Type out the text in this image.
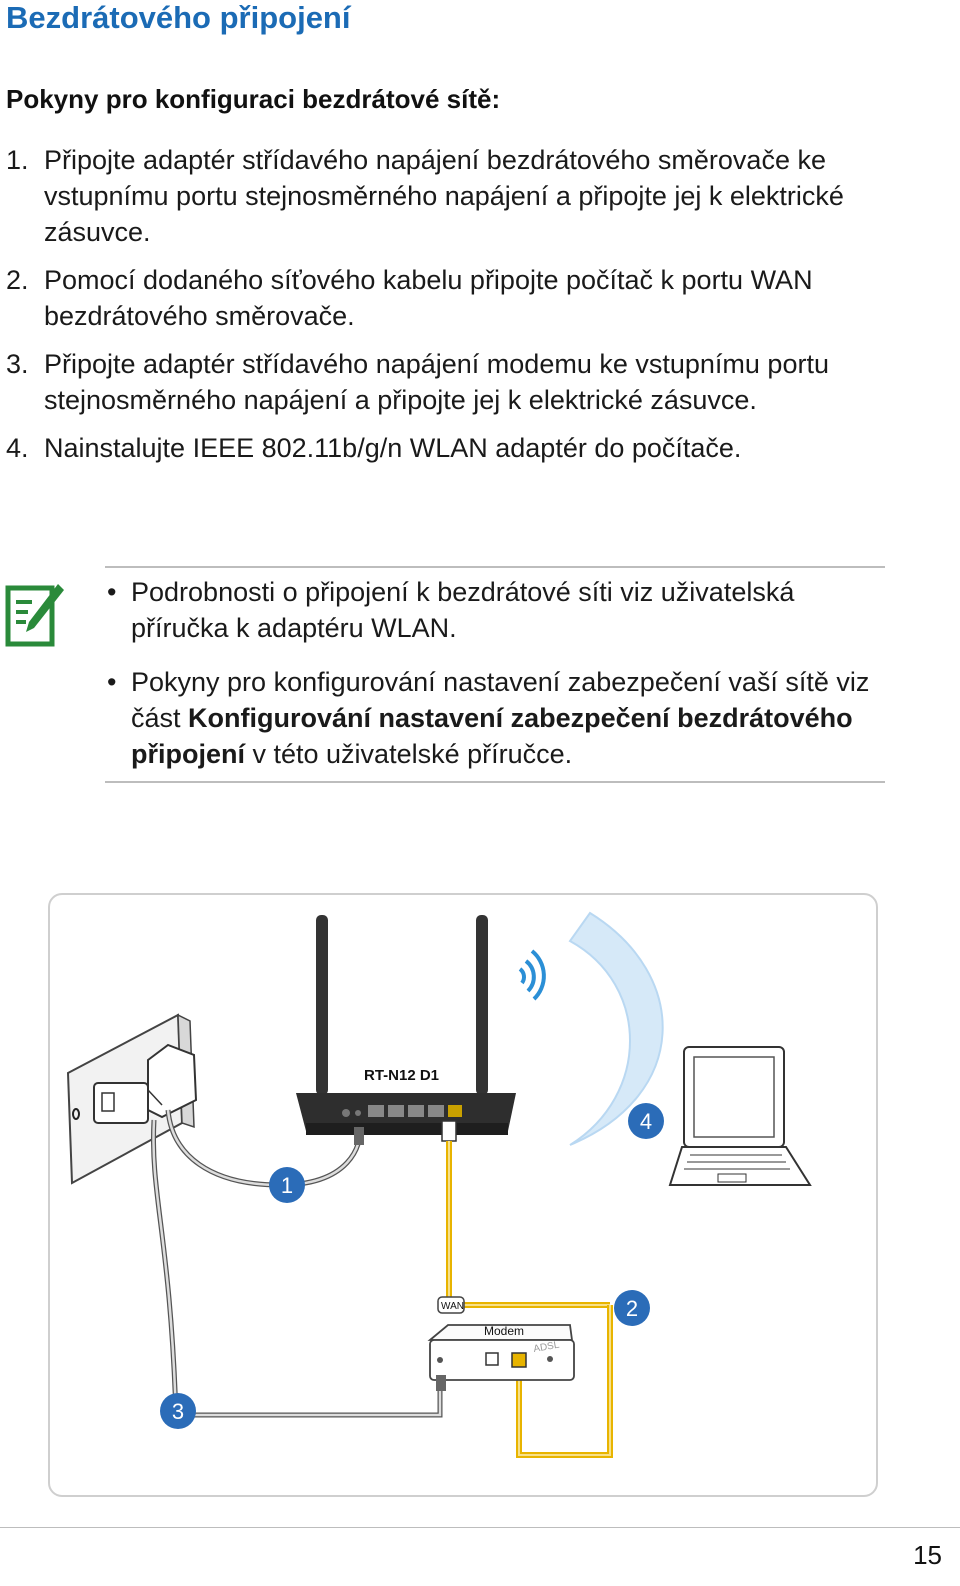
Bezdrátového připojení
Pokyny pro konfiguraci bezdrátové sítě:
1. Připojte adaptér střídavého napájení bezdrátového směrovače ke vstupnímu portu stejnosměrného napájení a připojte jej k elektrické zásuvce.
2. Pomocí dodaného síťového kabelu připojte počítač k portu WAN bezdrátového směrovače.
3. Připojte adaptér střídavého napájení modemu ke vstupnímu portu stejnosměrného napájení a připojte jej k elektrické zásuvce.
4. Nainstalujte IEEE 802.11b/g/n WLAN adaptér do počítače.
• Podrobnosti o připojení k bezdrátové síti viz uživatelská příručka k adaptéru WLAN.
• Pokyny pro konfigurování nastavení zabezpečení vaší sítě viz část Konfigurování nastavení zabezpečení bezdrátového připojení v této uživatelské příručce.
RT-N12 D1
WAN
Modem
ADSL
1
2
3
4
15
